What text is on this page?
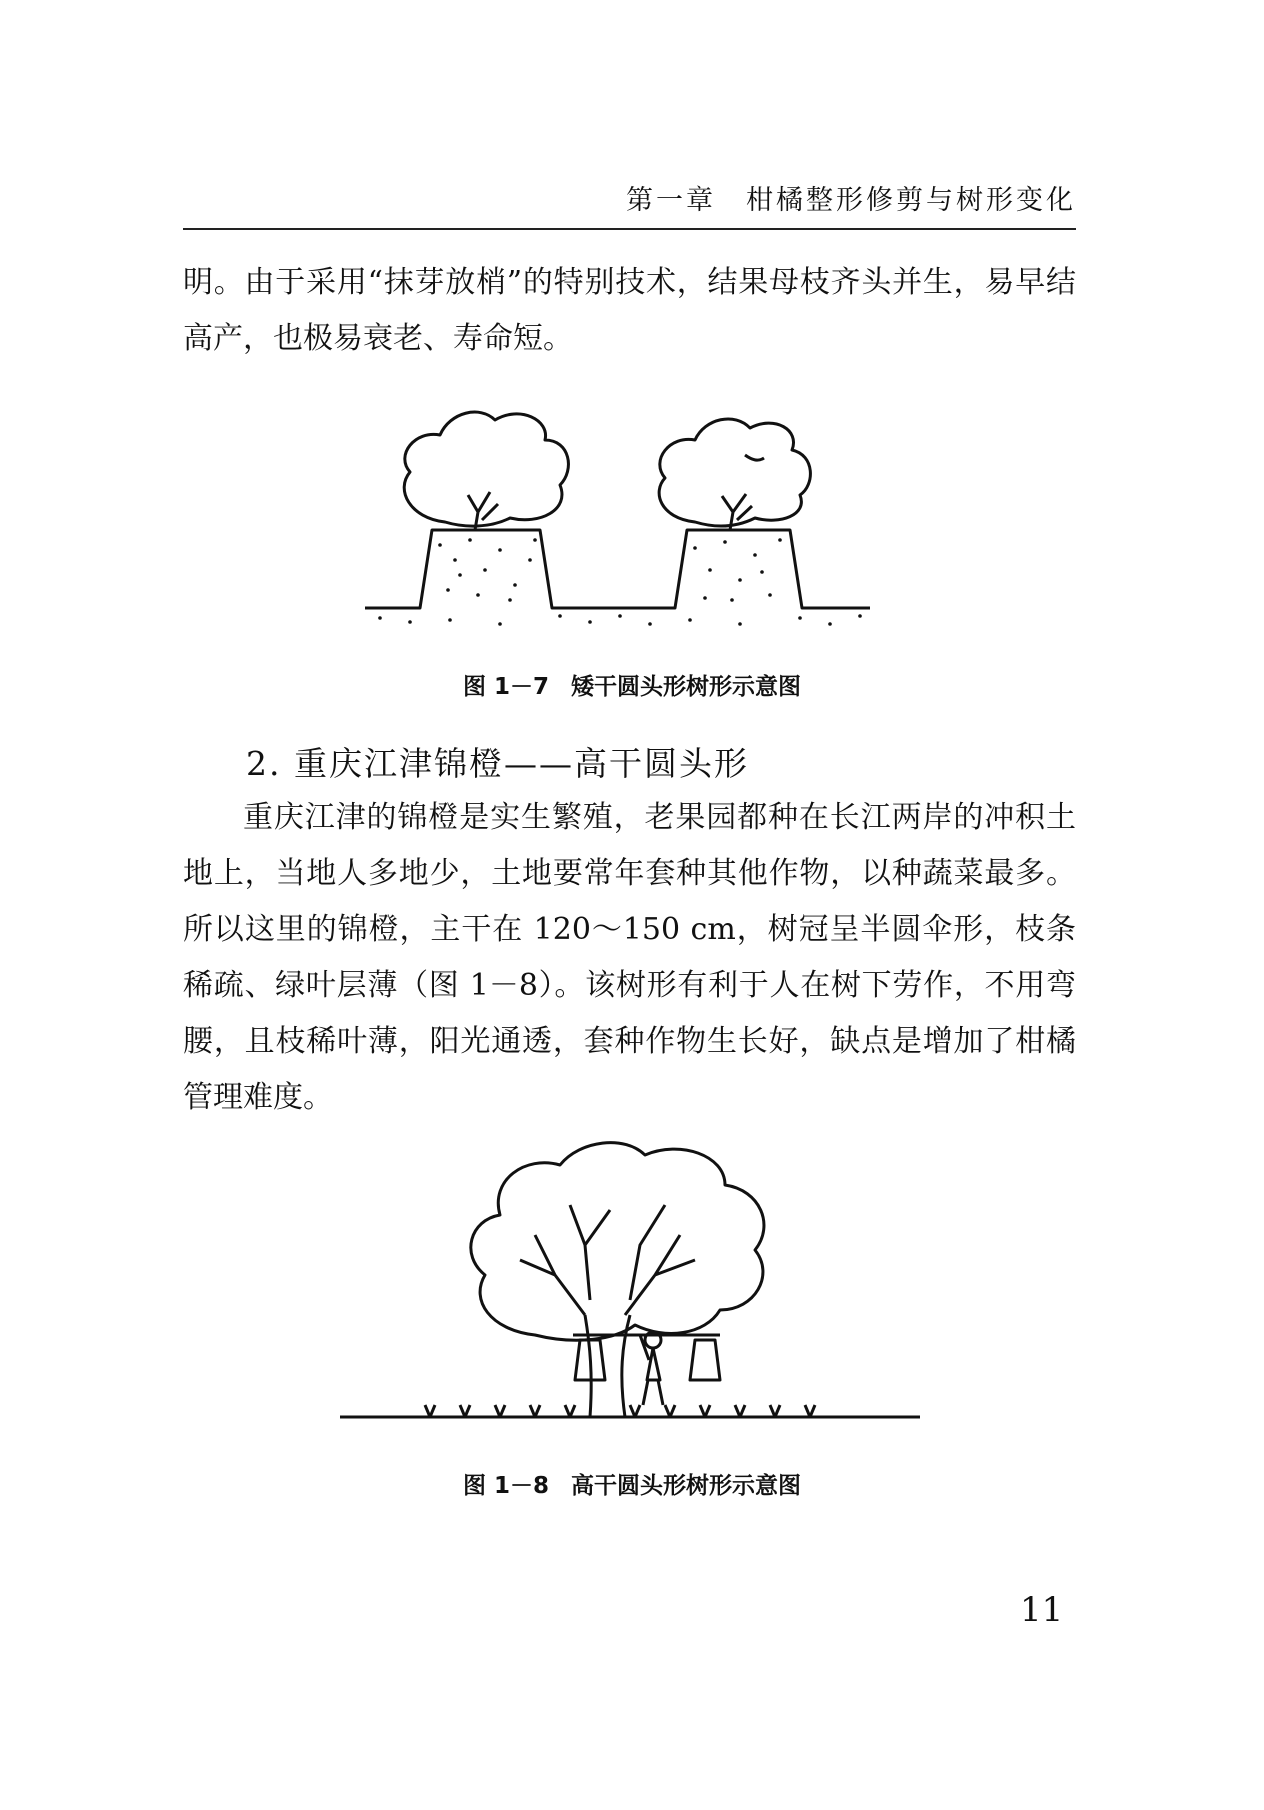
第一章　柑橘整形修剪与树形变化
明。由于采用“抹芽放梢”的特别技术，结果母枝齐头并生，易早结高产，也极易衰老、寿命短。
图 1－7 矮干圆头形树形示意图
2. 重庆江津锦橙——高干圆头形
重庆江津的锦橙是实生繁殖，老果园都种在长江两岸的冲积土地上，当地人多地少，土地要常年套种其他作物，以种蔬菜最多。所以这里的锦橙，主干在 120～150 cm，树冠呈半圆伞形，枝条稀疏、绿叶层薄（图 1－8）。该树形有利于人在树下劳作，不用弯腰，且枝稀叶薄，阳光通透，套种作物生长好，缺点是增加了柑橘管理难度。
图 1－8 高干圆头形树形示意图
11
